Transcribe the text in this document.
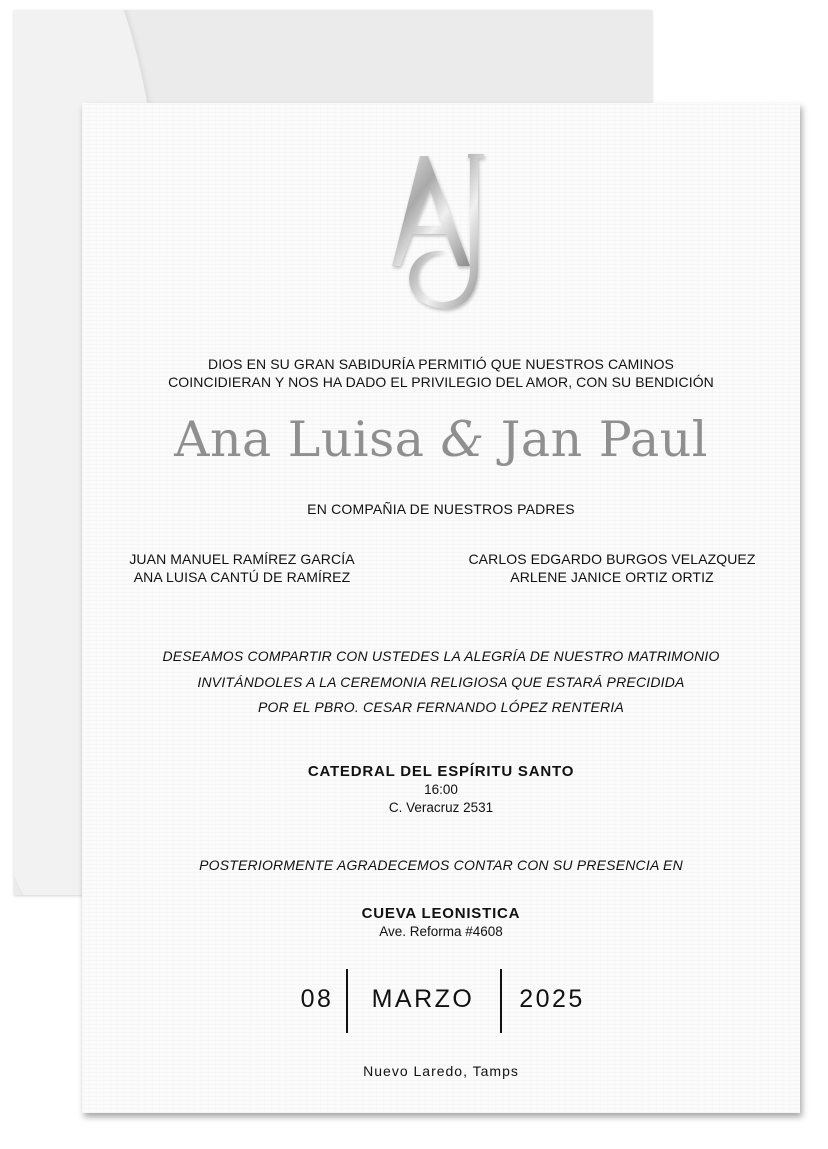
DIOS EN SU GRAN SABIDURÍA PERMITIÓ QUE NUESTROS CAMINOS
COINCIDIERAN Y NOS HA DADO EL PRIVILEGIO DEL AMOR, CON SU BENDICIÓN
Ana Luisa & Jan Paul
EN COMPAÑIA DE NUESTROS PADRES
JUAN MANUEL RAMÍREZ GARCÍA
ANA LUISA CANTÚ DE RAMÍREZ
CARLOS EDGARDO BURGOS VELAZQUEZ
ARLENE JANICE ORTIZ ORTIZ
DESEAMOS COMPARTIR CON USTEDES LA ALEGRÍA DE NUESTRO MATRIMONIO
INVITÁNDOLES A LA CEREMONIA RELIGIOSA QUE ESTARÁ PRECIDIDA
POR EL PBRO. CESAR FERNANDO LÓPEZ RENTERIA
CATEDRAL DEL ESPÍRITU SANTO
16:00
C. Veracruz 2531
POSTERIORMENTE AGRADECEMOS CONTAR CON SU PRESENCIA EN
CUEVA LEONISTICA
Ave. Reforma #4608
08	MARZO	2025
Nuevo Laredo, Tamps
